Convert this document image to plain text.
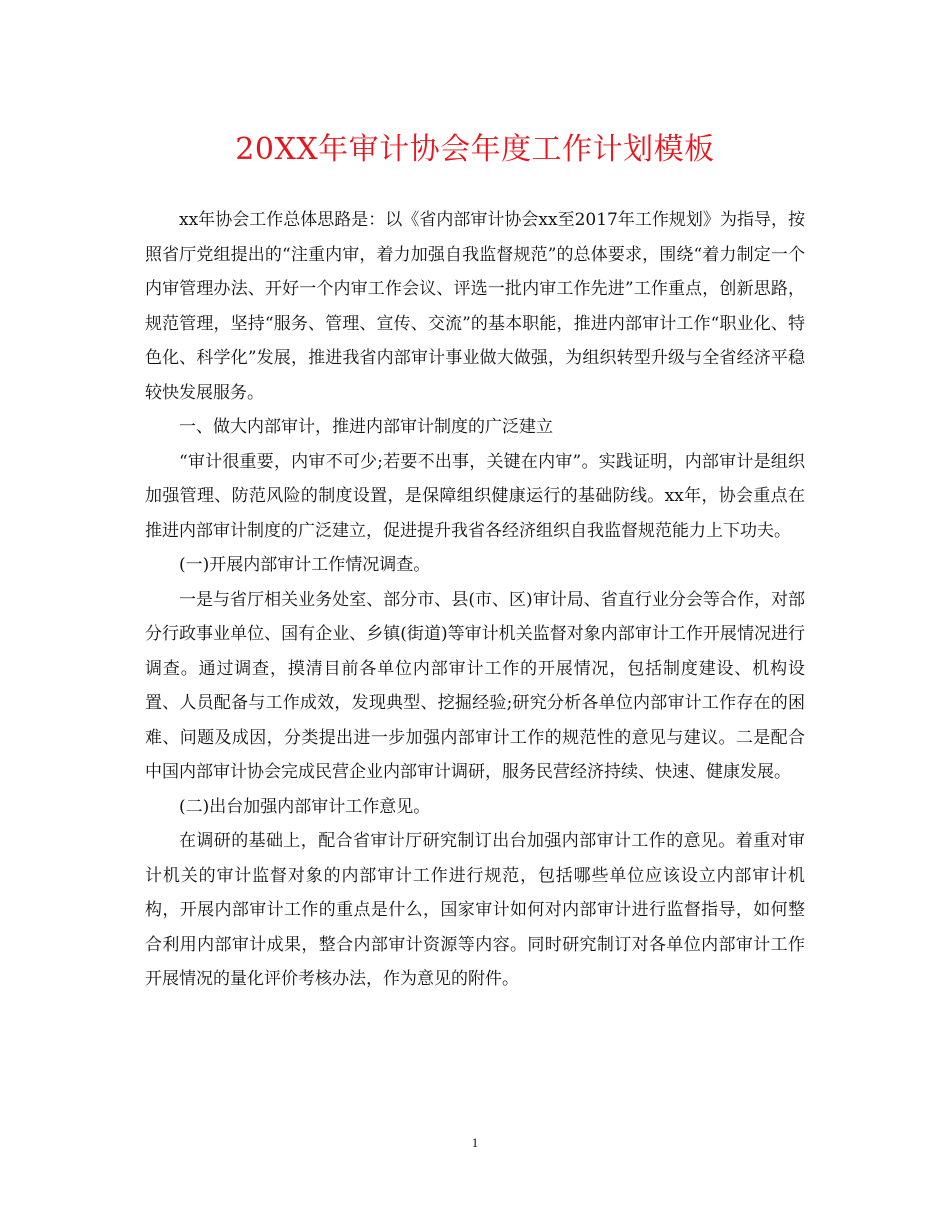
20XX年审计协会年度工作计划模板

xx年协会工作总体思路是：以《省内部审计协会xx至2017年工作规划》为指导，按照省厅党组提出的“注重内审，着力加强自我监督规范”的总体要求，围绕“着力制定一个内审管理办法、开好一个内审工作会议、评选一批内审工作先进”工作重点，创新思路，规范管理，坚持“服务、管理、宣传、交流”的基本职能，推进内部审计工作“职业化、特色化、科学化”发展，推进我省内部审计事业做大做强，为组织转型升级与全省经济平稳较快发展服务。

一、做大内部审计，推进内部审计制度的广泛建立

“审计很重要，内审不可少;若要不出事，关键在内审”。实践证明，内部审计是组织加强管理、防范风险的制度设置，是保障组织健康运行的基础防线。xx年，协会重点在推进内部审计制度的广泛建立，促进提升我省各经济组织自我监督规范能力上下功夫。

(一)开展内部审计工作情况调查。

一是与省厅相关业务处室、部分市、县(市、区)审计局、省直行业分会等合作，对部分行政事业单位、国有企业、乡镇(街道)等审计机关监督对象内部审计工作开展情况进行调查。通过调查，摸清目前各单位内部审计工作的开展情况，包括制度建设、机构设置、人员配备与工作成效，发现典型、挖掘经验;研究分析各单位内部审计工作存在的困难、问题及成因，分类提出进一步加强内部审计工作的规范性的意见与建议。二是配合中国内部审计协会完成民营企业内部审计调研，服务民营经济持续、快速、健康发展。

(二)出台加强内部审计工作意见。

在调研的基础上，配合省审计厅研究制订出台加强内部审计工作的意见。着重对审计机关的审计监督对象的内部审计工作进行规范，包括哪些单位应该设立内部审计机构，开展内部审计工作的重点是什么，国家审计如何对内部审计进行监督指导，如何整合利用内部审计成果，整合内部审计资源等内容。同时研究制订对各单位内部审计工作开展情况的量化评价考核办法，作为意见的附件。

1
